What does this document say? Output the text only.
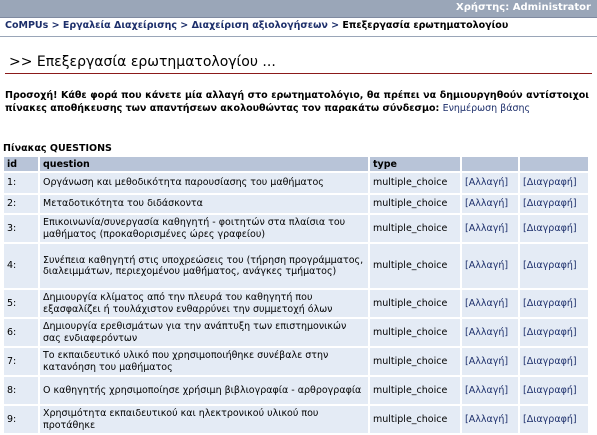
Χρήστης: Administrator
CoMPUs > Εργαλεία Διαχείρισης > Διαχείριση αξιολογήσεων > Επεξεργασία ερωτηματολογίου
>> Επεξεργασία ερωτηματολογίου ...
Προσοχή! Κάθε φορά που κάνετε μία αλλαγή στο ερωτηματολόγιο, θα πρέπει να δημιουργηθούν αντίστοιχοι πίνακες αποθήκευσης των απαντήσεων ακολουθώντας τον παρακάτω σύνδεσμο: Ενημέρωση βάσης
Πίνακας QUESTIONS
id	question	type		
1:	Οργάνωση και μεθοδικότητα παρουσίασης του μαθήματος	multiple_choice	[Αλλαγή]	[Διαγραφή]
2:	Μεταδοτικότητα του διδάσκοντα	multiple_choice	[Αλλαγή]	[Διαγραφή]
3:	Επικοινωνία/συνεργασία καθηγητή - φοιτητών στα πλαίσια του μαθήματος (προκαθορισμένες ώρες γραφείου)	multiple_choice	[Αλλαγή]	[Διαγραφή]
4:	Συνέπεια καθηγητή στις υποχρεώσεις του (τήρηση προγράμματος, διαλειμμάτων, περιεχομένου μαθήματος, ανάγκες τμήματος)	multiple_choice	[Αλλαγή]	[Διαγραφή]
5:	Δημιουργία κλίματος από την πλευρά του καθηγητή που εξασφαλίζει ή τουλάχιστον ενθαρρύνει την συμμετοχή όλων	multiple_choice	[Αλλαγή]	[Διαγραφή]
6:	Δημιουργία ερεθισμάτων για την ανάπτυξη των επιστημονικών σας ενδιαφερόντων	multiple_choice	[Αλλαγή]	[Διαγραφή]
7:	Το εκπαιδευτικό υλικό που χρησιμοποιήθηκε συνέβαλε στην κατανόηση του μαθήματος	multiple_choice	[Αλλαγή]	[Διαγραφή]
8:	Ο καθηγητής χρησιμοποίησε χρήσιμη βιβλιογραφία - αρθρογραφία	multiple_choice	[Αλλαγή]	[Διαγραφή]
9:	Χρησιμότητα εκπαιδευτικού και ηλεκτρονικού υλικού που προτάθηκε	multiple_choice	[Αλλαγή]	[Διαγραφή]
